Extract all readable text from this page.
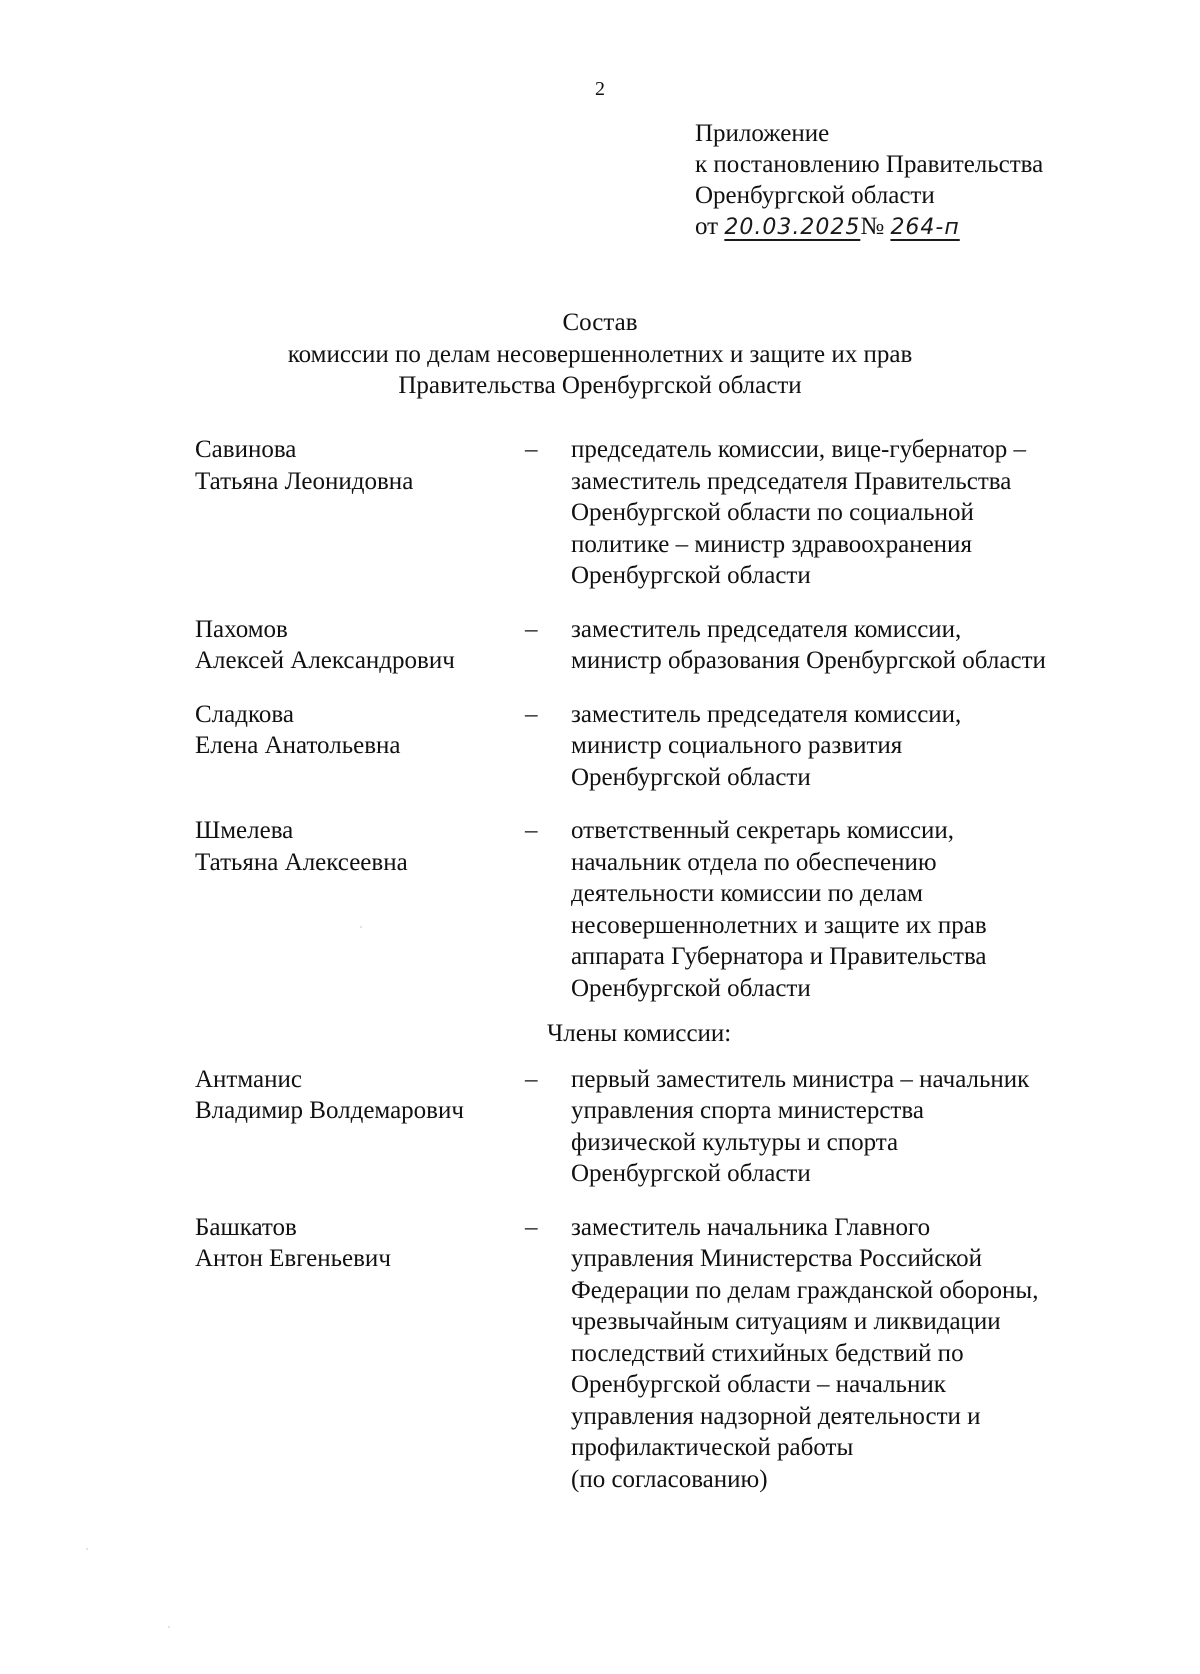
2
Приложение
к постановлению Правительства
Оренбургской области
от 20.03.2025№ 264-п
Состав
комиссии по делам несовершеннолетних и защите их прав
Правительства Оренбургской области
Савинова
Татьяна Леонидовна
–	председатель комиссии, вице-губернатор –
заместитель председателя Правительства
Оренбургской области по социальной
политике – министр здравоохранения
Оренбургской области
Пахомов
Алексей Александрович
–	заместитель председателя комиссии,
министр образования Оренбургской области
Сладкова
Елена Анатольевна
–	заместитель председателя комиссии,
министр социального развития
Оренбургской области
Шмелева
Татьяна Алексеевна
–	ответственный секретарь комиссии,
начальник отдела по обеспечению
деятельности комиссии по делам
несовершеннолетних и защите их прав
аппарата Губернатора и Правительства
Оренбургской области
Члены комиссии:
Антманис
Владимир Волдемарович
–	первый заместитель министра – начальник
управления спорта министерства
физической культуры и спорта
Оренбургской области
Башкатов
Антон Евгеньевич
–	заместитель начальника Главного
управления Министерства Российской
Федерации по делам гражданской обороны,
чрезвычайным ситуациям и ликвидации
последствий стихийных бедствий по
Оренбургской области – начальник
управления надзорной деятельности и
профилактической работы
(по согласованию)
